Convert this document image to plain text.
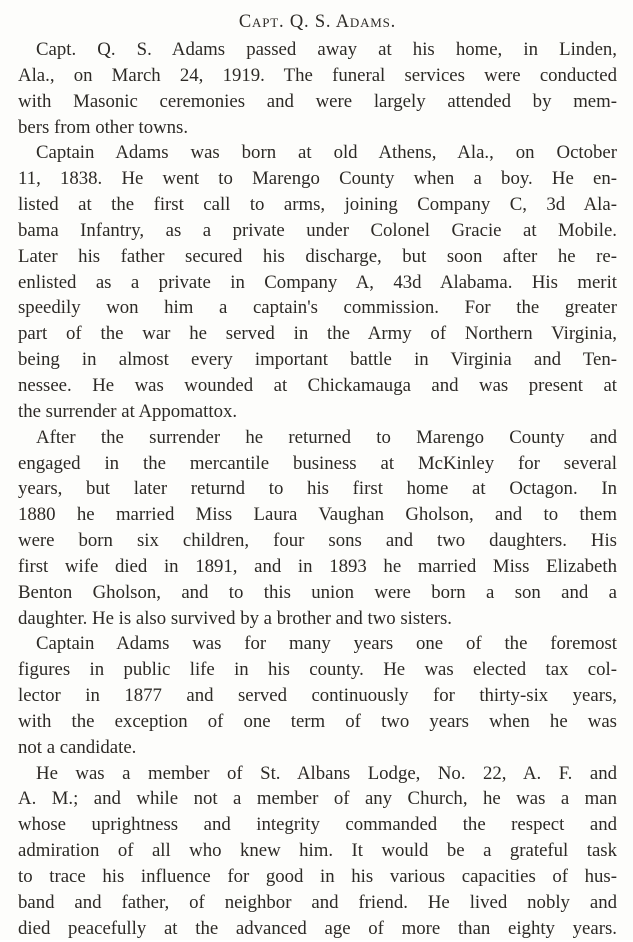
Capt. Q. S. Adams.
Capt. Q. S. Adams passed away at his home, in Linden,
Ala., on March 24, 1919. The funeral services were conducted
with Masonic ceremonies and were largely attended by mem-
bers from other towns.
Captain Adams was born at old Athens, Ala., on October
11, 1838. He went to Marengo County when a boy. He en-
listed at the first call to arms, joining Company C, 3d Ala-
bama Infantry, as a private under Colonel Gracie at Mobile.
Later his father secured his discharge, but soon after he re-
enlisted as a private in Company A, 43d Alabama. His merit
speedily won him a captain's commission. For the greater
part of the war he served in the Army of Northern Virginia,
being in almost every important battle in Virginia and Ten-
nessee. He was wounded at Chickamauga and was present at
the surrender at Appomattox.
After the surrender he returned to Marengo County and
engaged in the mercantile business at McKinley for several
years, but later returnd to his first home at Octagon. In
1880 he married Miss Laura Vaughan Gholson, and to them
were born six children, four sons and two daughters. His
first wife died in 1891, and in 1893 he married Miss Elizabeth
Benton Gholson, and to this union were born a son and a
daughter. He is also survived by a brother and two sisters.
Captain Adams was for many years one of the foremost
figures in public life in his county. He was elected tax col-
lector in 1877 and served continuously for thirty-six years,
with the exception of one term of two years when he was
not a candidate.
He was a member of St. Albans Lodge, No. 22, A. F. and
A. M.; and while not a member of any Church, he was a man
whose uprightness and integrity commanded the respect and
admiration of all who knew him. It would be a grateful task
to trace his influence for good in his various capacities of hus-
band and father, of neighbor and friend. He lived nobly and
died peacefully at the advanced age of more than eighty years.
